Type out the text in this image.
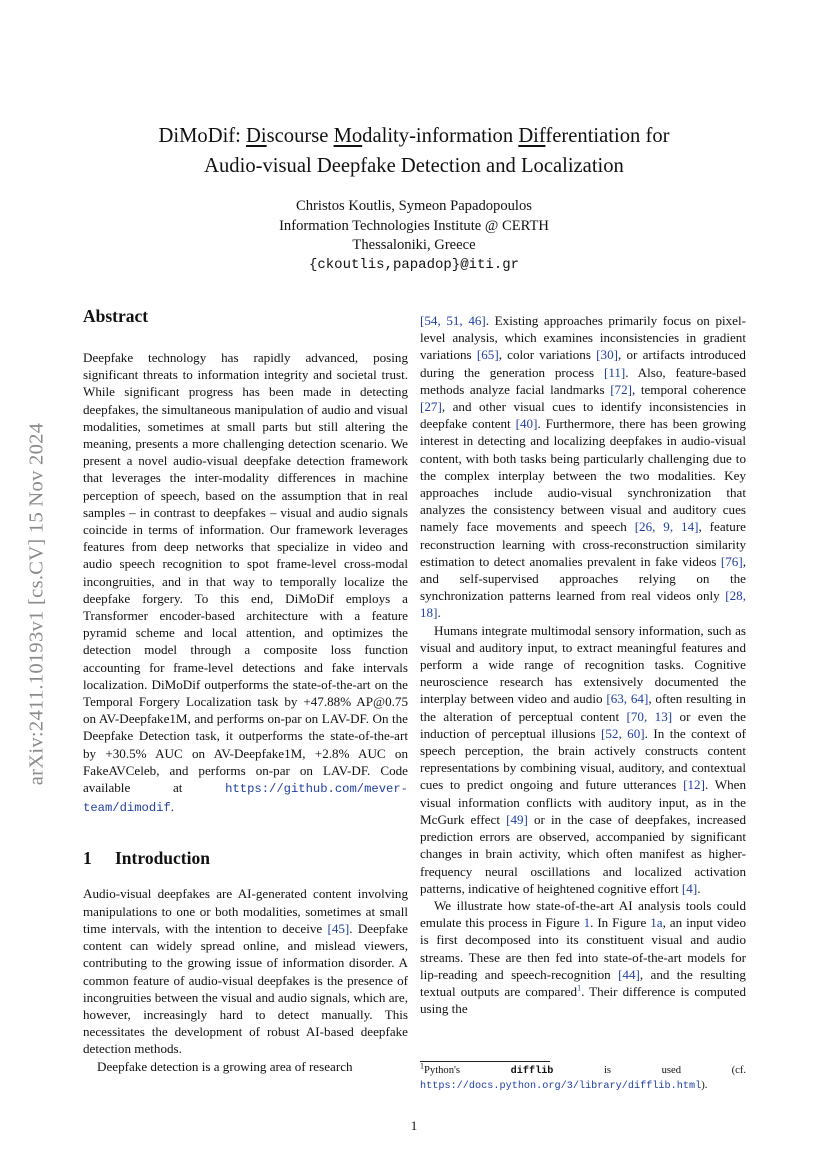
arXiv:2411.10193v1 [cs.CV] 15 Nov 2024
DiMoDif: Discourse Modality-information Differentiation for
Audio-visual Deepfake Detection and Localization
Christos Koutlis, Symeon Papadopoulos
Information Technologies Institute @ CERTH
Thessaloniki, Greece
{ckoutlis,papadop}@iti.gr
Abstract

Deepfake technology has rapidly advanced, posing significant threats to information integrity and societal trust. While significant progress has been made in detecting deepfakes, the simultaneous manipulation of audio and visual modalities, sometimes at small parts but still altering the meaning, presents a more challenging detection scenario. We present a novel audio-visual deepfake detection framework that leverages the inter-modality differences in machine perception of speech, based on the assumption that in real samples – in contrast to deepfakes – visual and audio signals coincide in terms of information. Our framework leverages features from deep networks that specialize in video and audio speech recognition to spot frame-level cross-modal incongruities, and in that way to temporally localize the deepfake forgery. To this end, DiMoDif employs a Transformer encoder-based architecture with a feature pyramid scheme and local attention, and optimizes the detection model through a composite loss function accounting for frame-level detections and fake intervals localization. DiMoDif outperforms the state-of-the-art on the Temporal Forgery Localization task by +47.88% AP@0.75 on AV-Deepfake1M, and performs on-par on LAV-DF. On the Deepfake Detection task, it outperforms the state-of-the-art by +30.5% AUC on AV-Deepfake1M, +2.8% AUC on FakeAVCeleb, and performs on-par on LAV-DF. Code available at https://github.com/mever-team/dimodif.

1 Introduction

Audio-visual deepfakes are AI-generated content involving manipulations to one or both modalities, sometimes at small time intervals, with the intention to deceive [45]. Deepfake content can widely spread online, and mislead viewers, contributing to the growing issue of information disorder. A common feature of audio-visual deepfakes is the presence of incongruities between the visual and audio signals, which are, however, increasingly hard to detect manually. This necessitates the development of robust AI-based deepfake detection methods.

Deepfake detection is a growing area of research

[54, 51, 46]. Existing approaches primarily focus on pixel-level analysis, which examines inconsistencies in gradient variations [65], color variations [30], or artifacts introduced during the generation process [11]. Also, feature-based methods analyze facial landmarks [72], temporal coherence [27], and other visual cues to identify inconsistencies in deepfake content [40]. Furthermore, there has been growing interest in detecting and localizing deepfakes in audio-visual content, with both tasks being particularly challenging due to the complex interplay between the two modalities. Key approaches include audio-visual synchronization that analyzes the consistency between visual and auditory cues namely face movements and speech [26, 9, 14], feature reconstruction learning with cross-reconstruction similarity estimation to detect anomalies prevalent in fake videos [76], and self-supervised approaches relying on the synchronization patterns learned from real videos only [28, 18].

Humans integrate multimodal sensory information, such as visual and auditory input, to extract meaningful features and perform a wide range of recognition tasks. Cognitive neuroscience research has extensively documented the interplay between video and audio [63, 64], often resulting in the alteration of perceptual content [70, 13] or even the induction of perceptual illusions [52, 60]. In the context of speech perception, the brain actively constructs content representations by combining visual, auditory, and contextual cues to predict ongoing and future utterances [12]. When visual information conflicts with auditory input, as in the McGurk effect [49] or in the case of deepfakes, increased prediction errors are observed, accompanied by significant changes in brain activity, which often manifest as higher-frequency neural oscillations and localized activation patterns, indicative of heightened cognitive effort [4].

We illustrate how state-of-the-art AI analysis tools could emulate this process in Figure 1. In Figure 1a, an input video is first decomposed into its constituent visual and audio streams. These are then fed into state-of-the-art models for lip-reading and speech-recognition [44], and the resulting textual outputs are compared$^1$. Their difference is computed using the

$^1$Python's difflib is used (cf. https://docs.python.org/3/library/difflib.html).
1
